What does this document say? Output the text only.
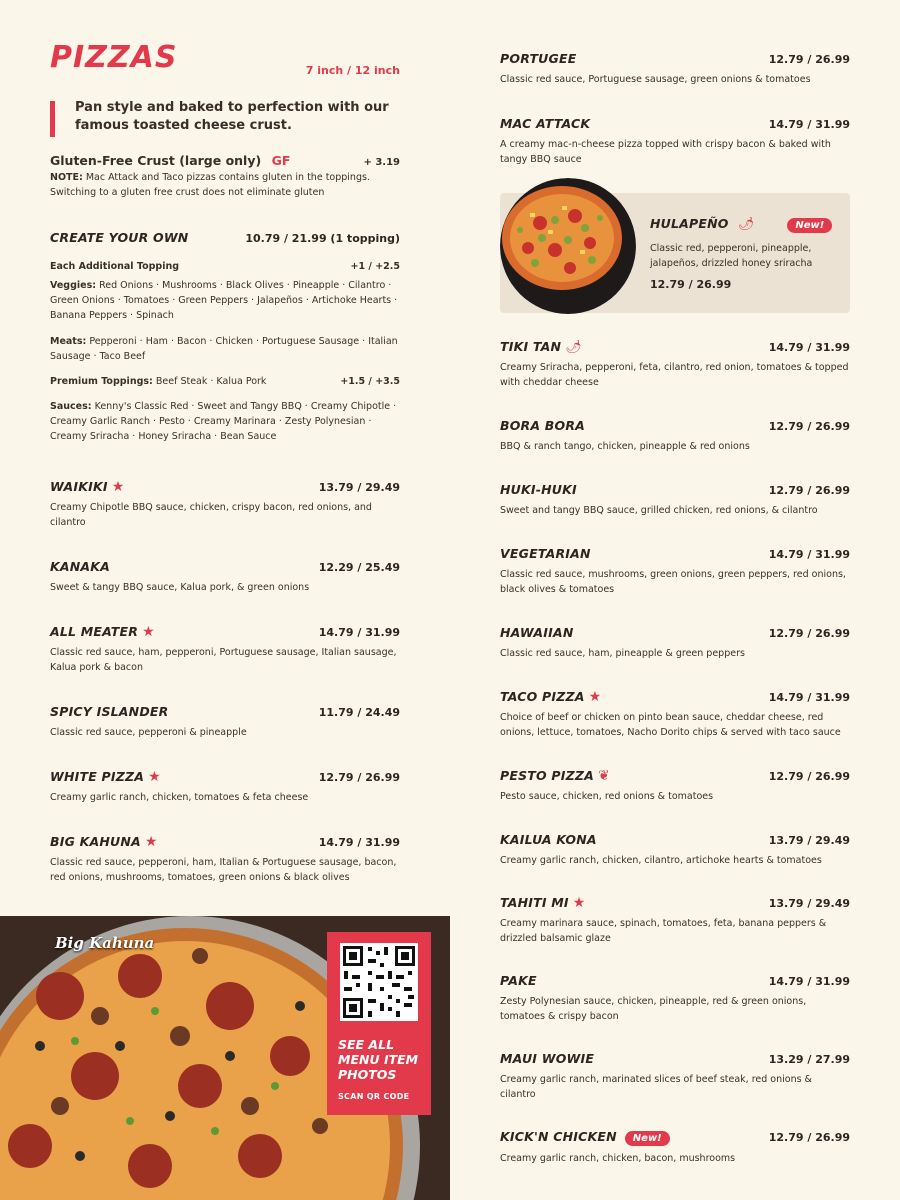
PIZZAS	7 inch / 12 inch
Pan style and baked to perfection with our famous toasted cheese crust.
Gluten-Free Crust (large only) GF	+ 3.19
NOTE: Mac Attack and Taco pizzas contains gluten in the toppings. Switching to a gluten free crust does not eliminate gluten
CREATE YOUR OWN	10.79 / 21.99 (1 topping)
Each Additional Topping	+1 / +2.5
Veggies: Red Onions · Mushrooms · Black Olives · Pineapple · Cilantro · Green Onions · Tomatoes · Green Peppers · Jalapeños · Artichoke Hearts · Banana Peppers · Spinach
Meats: Pepperoni · Ham · Bacon · Chicken · Portuguese Sausage · Italian Sausage · Taco Beef
Premium Toppings: Beef Steak · Kalua Pork	+1.5 / +3.5
Sauces: Kenny's Classic Red · Sweet and Tangy BBQ · Creamy Chipotle · Creamy Garlic Ranch · Pesto · Creamy Marinara · Zesty Polynesian · Creamy Sriracha · Honey Sriracha · Bean Sauce
WAIKIKI ★	13.79 / 29.49
Creamy Chipotle BBQ sauce, chicken, crispy bacon, red onions, and cilantro
KANAKA	12.29 / 25.49
Sweet & tangy BBQ sauce, Kalua pork, & green onions
ALL MEATER ★	14.79 / 31.99
Classic red sauce, ham, pepperoni, Portuguese sausage, Italian sausage, Kalua pork & bacon
SPICY ISLANDER	11.79 / 24.49
Classic red sauce, pepperoni & pineapple
WHITE PIZZA ★	12.79 / 26.99
Creamy garlic ranch, chicken, tomatoes & feta cheese
BIG KAHUNA ★	14.79 / 31.99
Classic red sauce, pepperoni, ham, Italian & Portuguese sausage, bacon, red onions, mushrooms, tomatoes, green onions & black olives
PORTUGEE	12.79 / 26.99
Classic red sauce, Portuguese sausage, green onions & tomatoes
MAC ATTACK	14.79 / 31.99
A creamy mac-n-cheese pizza topped with crispy bacon & baked with tangy BBQ sauce
HULAPEÑO 🌶	New!
Classic red, pepperoni, pineapple, jalapeños, drizzled honey sriracha
12.79 / 26.99
TIKI TAN 🌶	14.79 / 31.99
Creamy Sriracha, pepperoni, feta, cilantro, red onion, tomatoes & topped with cheddar cheese
BORA BORA	12.79 / 26.99
BBQ & ranch tango, chicken, pineapple & red onions
HUKI-HUKI	12.79 / 26.99
Sweet and tangy BBQ sauce, grilled chicken, red onions, & cilantro
VEGETARIAN	14.79 / 31.99
Classic red sauce, mushrooms, green onions, green peppers, red onions, black olives & tomatoes
HAWAIIAN	12.79 / 26.99
Classic red sauce, ham, pineapple & green peppers
TACO PIZZA ★	14.79 / 31.99
Choice of beef or chicken on pinto bean sauce, cheddar cheese, red onions, lettuce, tomatoes, Nacho Dorito chips & served with taco sauce
PESTO PIZZA ❦	12.79 / 26.99
Pesto sauce, chicken, red onions & tomatoes
KAILUA KONA	13.79 / 29.49
Creamy garlic ranch, chicken, cilantro, artichoke hearts & tomatoes
TAHITI MI ★	13.79 / 29.49
Creamy marinara sauce, spinach, tomatoes, feta, banana peppers & drizzled balsamic glaze
PAKE	14.79 / 31.99
Zesty Polynesian sauce, chicken, pineapple, red & green onions, tomatoes & crispy bacon
MAUI WOWIE	13.29 / 27.99
Creamy garlic ranch, marinated slices of beef steak, red onions & cilantro
KICK'N CHICKEN New!	12.79 / 26.99
Creamy garlic ranch, chicken, bacon, mushrooms
Big Kahuna
SEE ALL MENU ITEM PHOTOS
SCAN QR CODE
